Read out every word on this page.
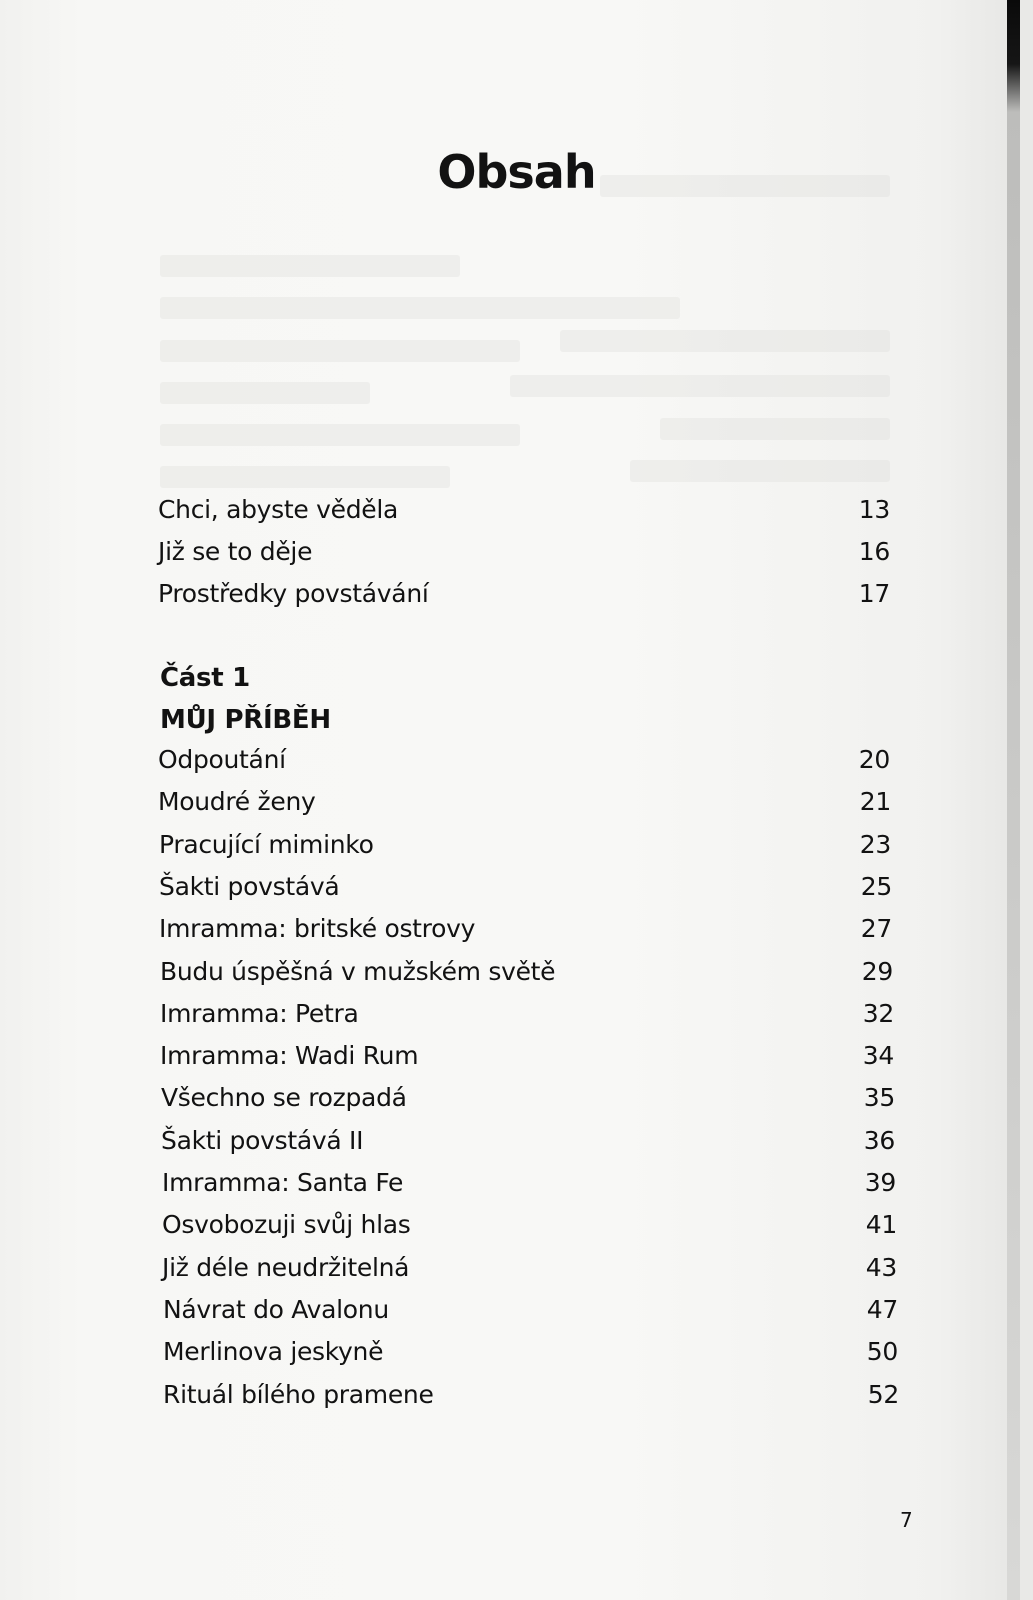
Obsah
Chci, abyste věděla	13
Již se to děje	16
Prostředky povstávání	17
Část 1
MŮJ PŘÍBĚH
Odpoutání	20
Moudré ženy	21
Pracující miminko	23
Šakti povstává	25
Imramma: britské ostrovy	27
Budu úspěšná v mužském světě	29
Imramma: Petra	32
Imramma: Wadi Rum	34
Všechno se rozpadá	35
Šakti povstává II	36
Imramma: Santa Fe	39
Osvobozuji svůj hlas	41
Již déle neudržitelná	43
Návrat do Avalonu	47
Merlinova jeskyně	50
Rituál bílého pramene	52
7
